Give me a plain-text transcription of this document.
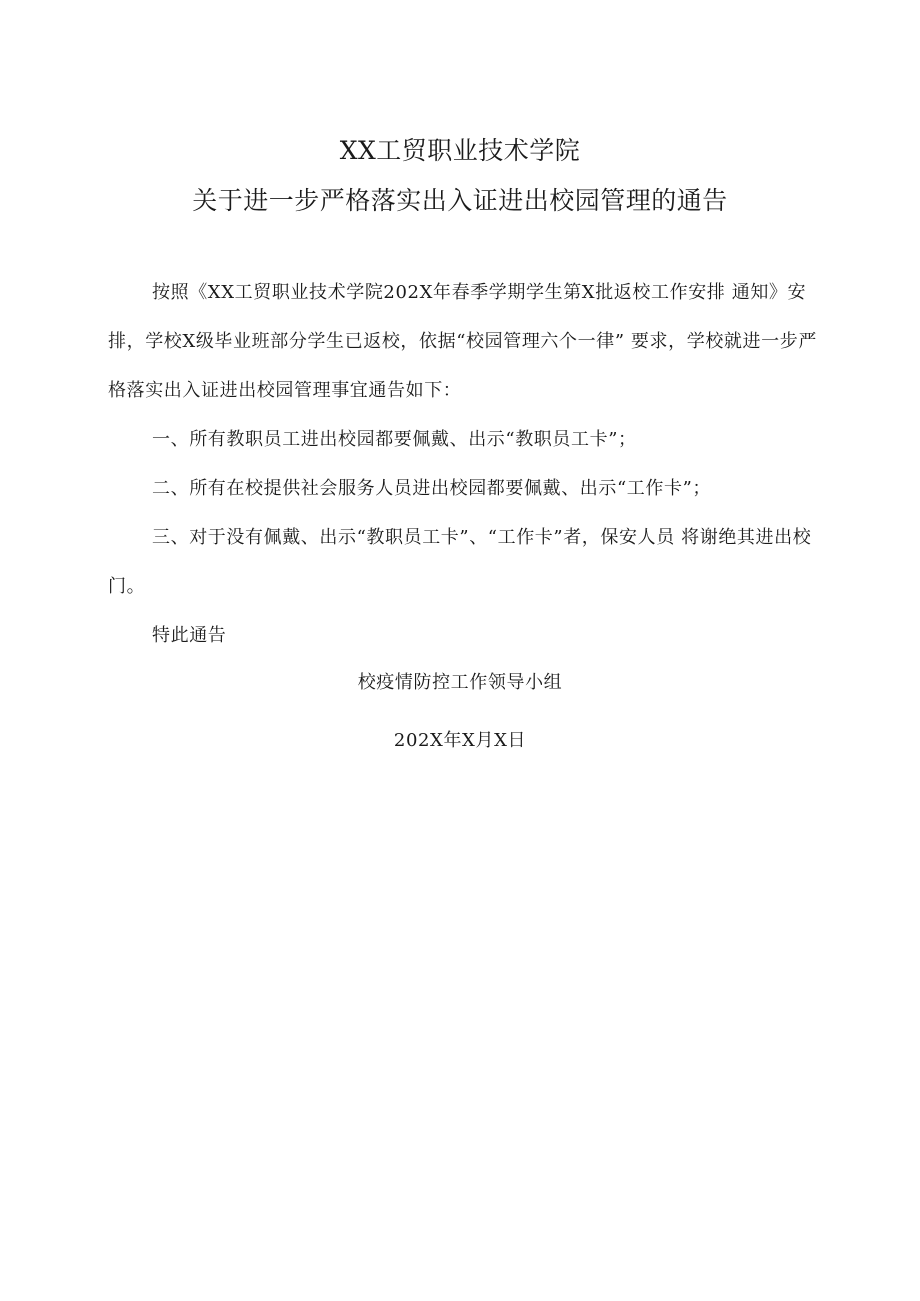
XX工贸职业技术学院
关于进一步严格落实出入证进出校园管理的通告

按照《XX工贸职业技术学院202X年春季学期学生第X批返校工作安排 通知》安排，学校X级毕业班部分学生已返校，依据“校园管理六个一律” 要求，学校就进一步严格落实出入证进出校园管理事宜通告如下：

一、所有教职员工进出校园都要佩戴、出示“教职员工卡”；

二、所有在校提供社会服务人员进出校园都要佩戴、出示“工作卡”；

三、对于没有佩戴、出示“教职员工卡”、“工作卡”者，保安人员 将谢绝其进出校门。

特此通告

校疫情防控工作领导小组
202X年X月X日
